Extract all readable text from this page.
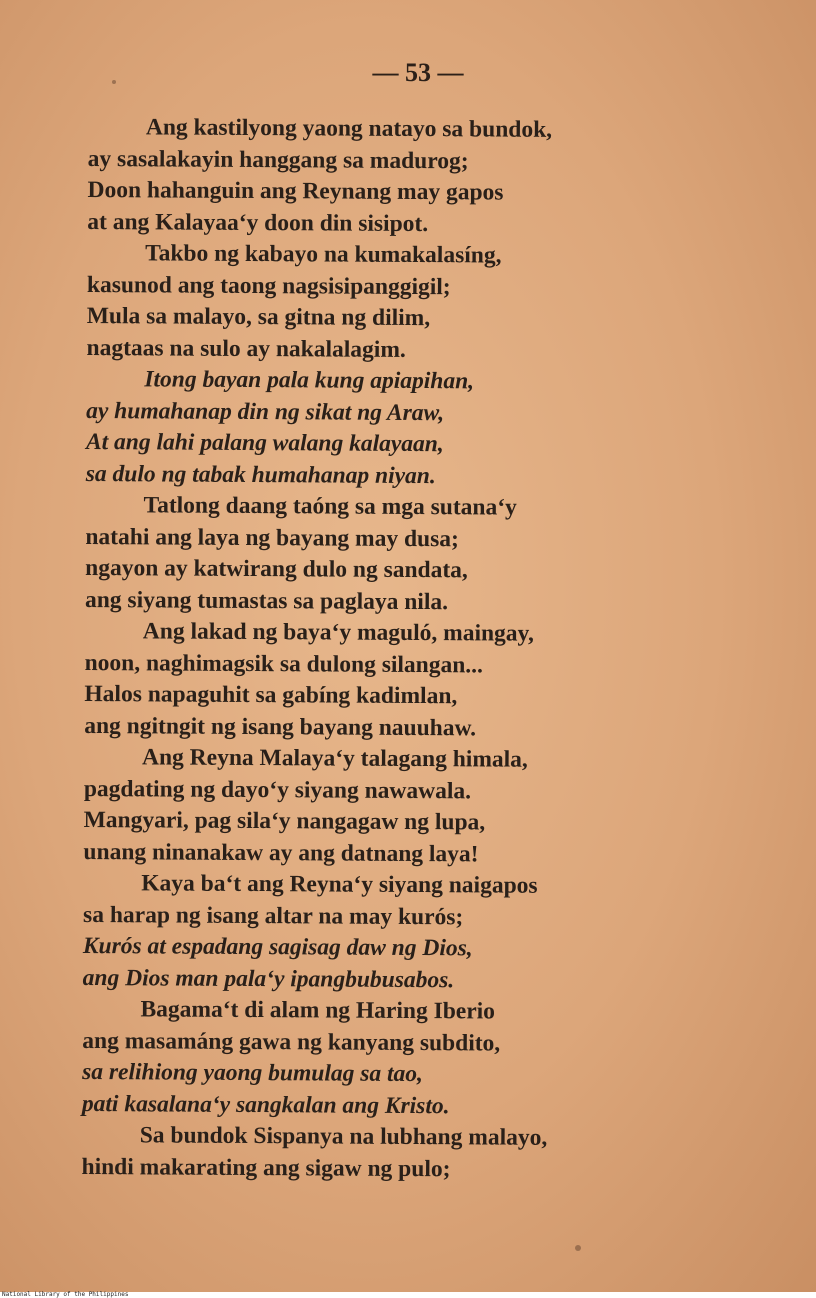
— 53 —
Ang kastilyong yaong natayo sa bundok,
ay sasalakayin hanggang sa madurog;
Doon hahanguin ang Reynang may gapos
at ang Kalayaa‘y doon din sisipot.
Takbo ng kabayo na kumakalasíng,
kasunod ang taong nagsisipanggigil;
Mula sa malayo, sa gitna ng dilim,
nagtaas na sulo ay nakalalagim.
Itong bayan pala kung apiapihan,
ay humahanap din ng sikat ng Araw,
At ang lahi palang walang kalayaan,
sa dulo ng tabak humahanap niyan.
Tatlong daang taóng sa mga sutana‘y
natahi ang laya ng bayang may dusa;
ngayon ay katwirang dulo ng sandata,
ang siyang tumastas sa paglaya nila.
Ang lakad ng baya‘y maguló, maingay,
noon, naghimagsik sa dulong silangan...
Halos napaguhit sa gabíng kadimlan,
ang ngitngit ng isang bayang nauuhaw.
Ang Reyna Malaya‘y talagang himala,
pagdating ng dayo‘y siyang nawawala.
Mangyari, pag sila‘y nangagaw ng lupa,
unang ninanakaw ay ang datnang laya!
Kaya ba‘t ang Reyna‘y siyang naigapos
sa harap ng isang altar na may kurós;
Kurós at espadang sagisag daw ng Dios,
ang Dios man pala‘y ipangbubusabos.
Bagama‘t di alam ng Haring Iberio
ang masamáng gawa ng kanyang subdito,
sa relihiong yaong bumulag sa tao,
pati kasalana‘y sangkalan ang Kristo.
Sa bundok Sispanya na lubhang malayo,
hindi makarating ang sigaw ng pulo;
National Library of the Philippines
